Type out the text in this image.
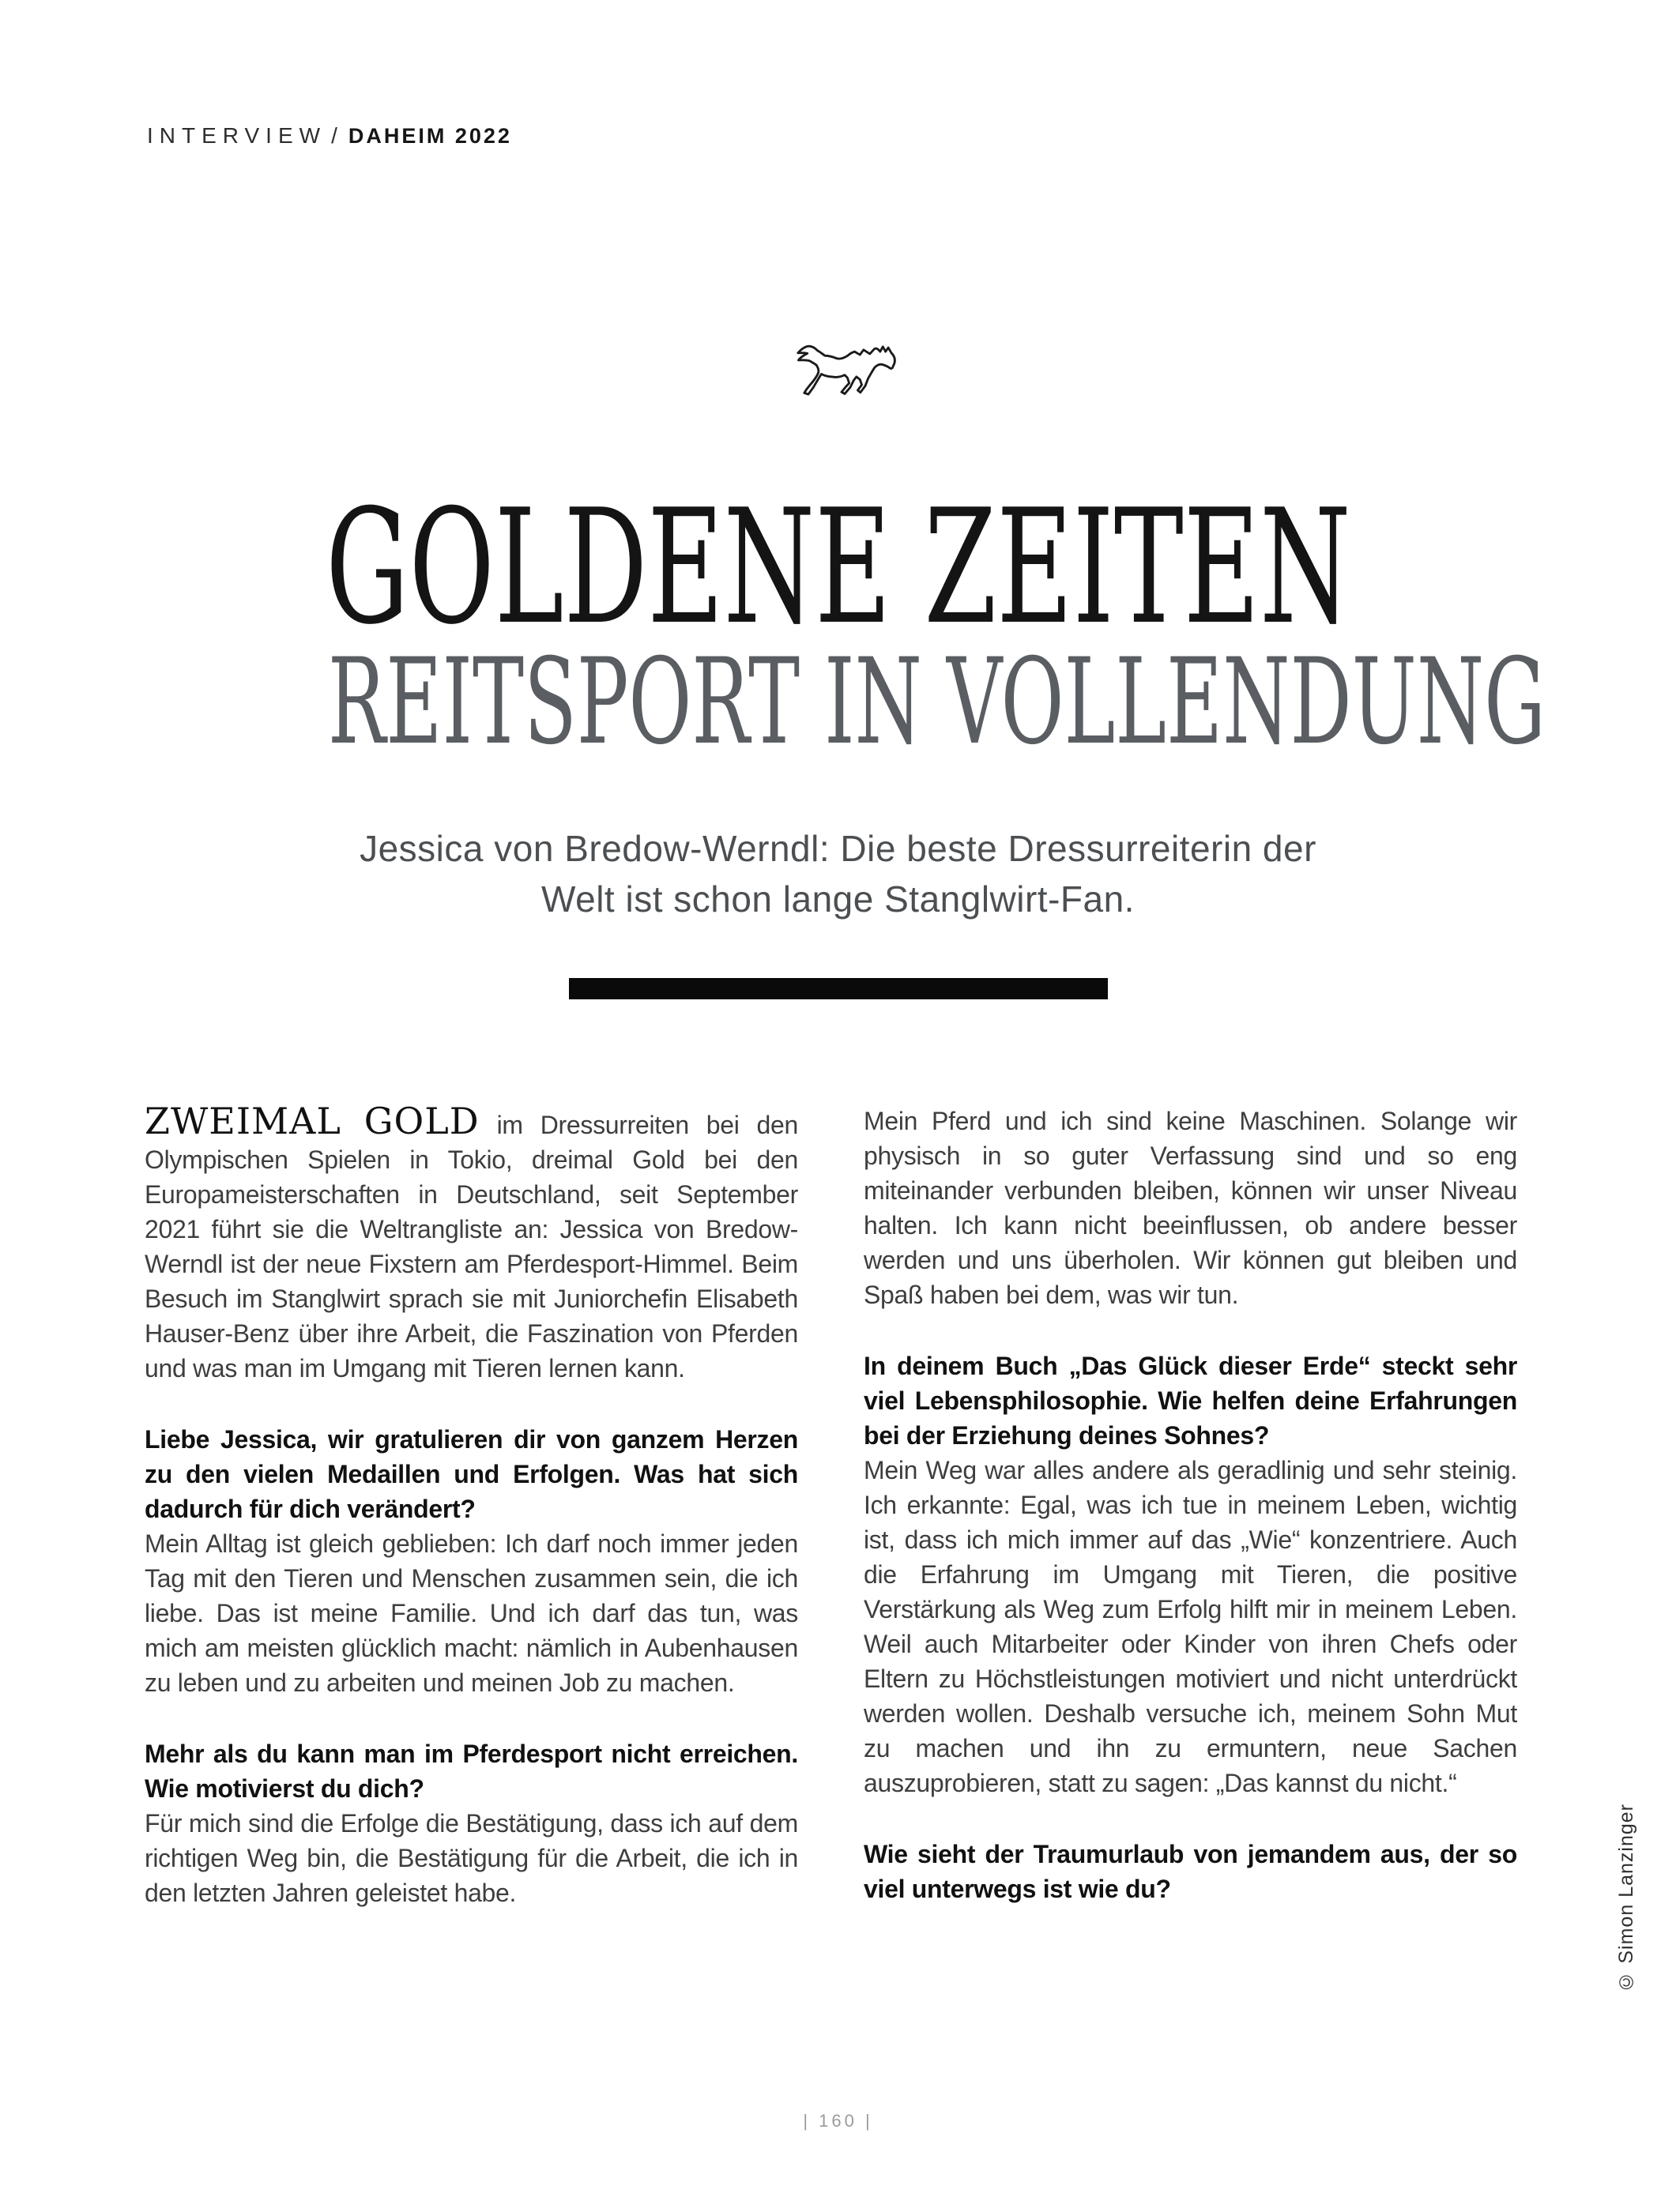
INTERVIEW / DAHEIM 2022
GOLDENE ZEITEN
REITSPORT IN VOLLENDUNG
Jessica von Bredow-Werndl: Die beste Dressurreiterin der Welt ist schon lange Stanglwirt-Fan.

ZWEIMAL GOLD im Dressurreiten bei den Olympischen Spielen in Tokio, dreimal Gold bei den Europameisterschaften in Deutschland, seit September 2021 führt sie die Weltrangliste an: Jessica von Bredow-Werndl ist der neue Fixstern am Pferdesport-Himmel. Beim Besuch im Stanglwirt sprach sie mit Juniorchefin Elisabeth Hauser-Benz über ihre Arbeit, die Faszination von Pferden und was man im Umgang mit Tieren lernen kann.

Liebe Jessica, wir gratulieren dir von ganzem Herzen zu den vielen Medaillen und Erfolgen. Was hat sich dadurch für dich verändert?

Mein Alltag ist gleich geblieben: Ich darf noch immer jeden Tag mit den Tieren und Menschen zusammen sein, die ich liebe. Das ist meine Familie. Und ich darf das tun, was mich am meisten glücklich macht: nämlich in Aubenhausen zu leben und zu arbeiten und meinen Job zu machen.

Mehr als du kann man im Pferdesport nicht erreichen. Wie motivierst du dich?

Für mich sind die Erfolge die Bestätigung, dass ich auf dem richtigen Weg bin, die Bestätigung für die Arbeit, die ich in den letzten Jahren geleistet habe.

Mein Pferd und ich sind keine Maschinen. Solange wir physisch in so guter Verfassung sind und so eng miteinander verbunden bleiben, können wir unser Niveau halten. Ich kann nicht beeinflussen, ob andere besser werden und uns überholen. Wir können gut bleiben und Spaß haben bei dem, was wir tun.

In deinem Buch „Das Glück dieser Erde“ steckt sehr viel Lebensphilosophie. Wie helfen deine Erfahrungen bei der Erziehung deines Sohnes?

Mein Weg war alles andere als geradlinig und sehr steinig. Ich erkannte: Egal, was ich tue in meinem Leben, wichtig ist, dass ich mich immer auf das „Wie“ konzentriere. Auch die Erfahrung im Umgang mit Tieren, die positive Verstärkung als Weg zum Erfolg hilft mir in meinem Leben. Weil auch Mitarbeiter oder Kinder von ihren Chefs oder Eltern zu Höchstleistungen motiviert und nicht unterdrückt werden wollen. Deshalb versuche ich, meinem Sohn Mut zu machen und ihn zu ermuntern, neue Sachen auszuprobieren, statt zu sagen: „Das kannst du nicht.“

Wie sieht der Traumurlaub von jemandem aus, der so viel unterwegs ist wie du?

| 160 |
© Simon Lanzinger
